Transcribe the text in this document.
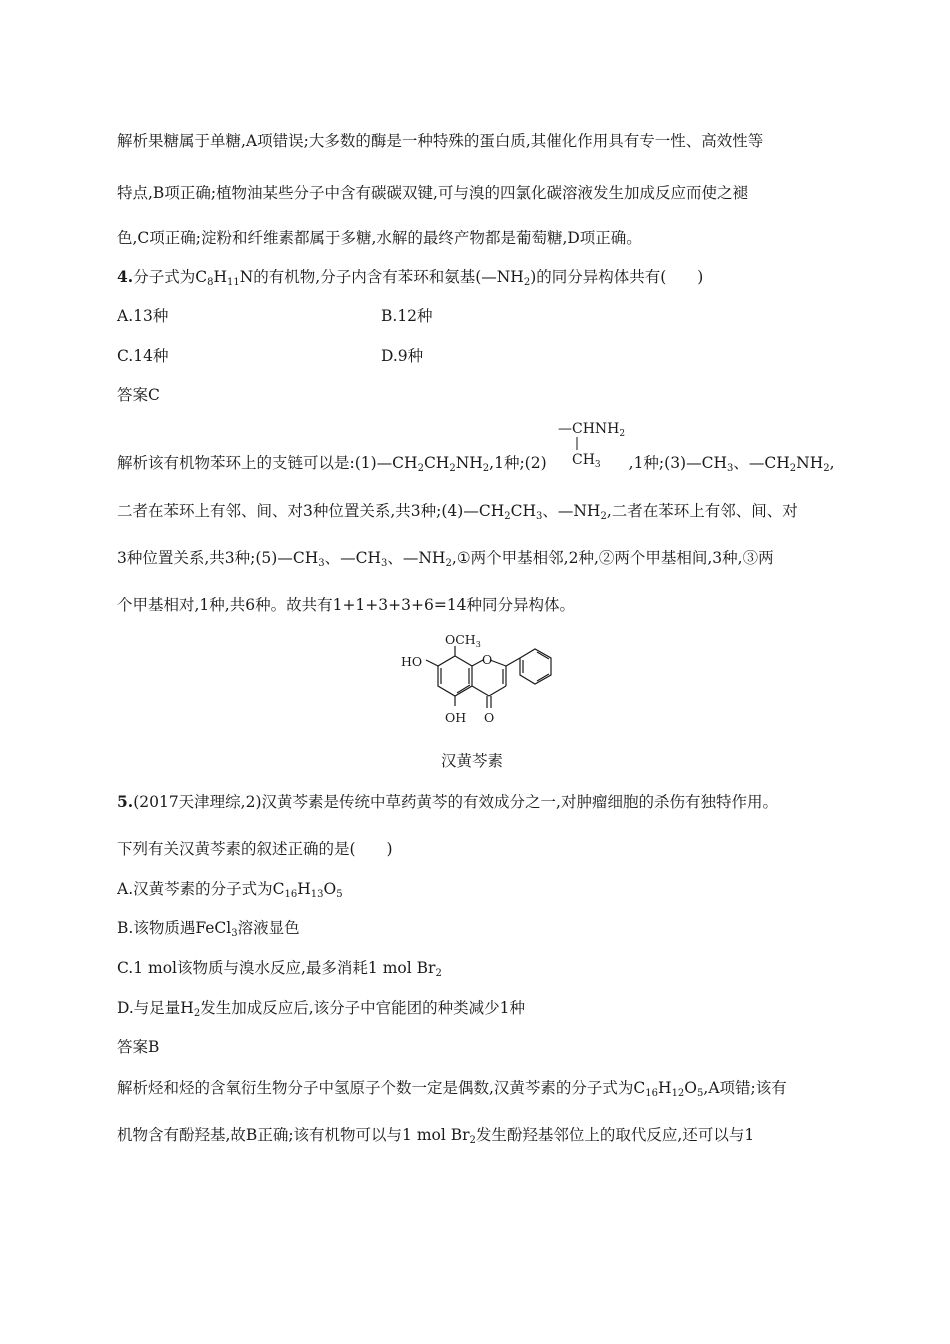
解析果糖属于单糖,A项错误;大多数的酶是一种特殊的蛋白质,其催化作用具有专一性、高效性等
特点,B项正确;植物油某些分子中含有碳碳双键,可与溴的四氯化碳溶液发生加成反应而使之褪
色,C项正确;淀粉和纤维素都属于多糖,水解的最终产物都是葡萄糖,D项正确。
4.分子式为$C_8H_{11}N$的有机物,分子内含有苯环和氨基$(—NH_2)$的同分异构体共有(　　)
A.13种	B.12种
C.14种	D.9种
答案C
$—CHNH_2$
$CH_3$
解析该有机物苯环上的支链可以是$:(1)—CH_2CH_2NH_2,1$种;(2)	,1种$;(3)—CH_3$、$—CH_2NH_2$,
二者在苯环上有邻、间、对3种位置关系,共3种$;(4)—CH_2CH_3$、$—NH_2$,二者在苯环上有邻、间、对
3种位置关系,共3种$;(5)—CH_3$、$—CH_3$、$—NH_2,①$两个甲基相邻,2种,②两个甲基相间,3种,③两
个甲基相对,1种,共6种。故共有1+1+3+3+6=14种同分异构体。
$OCH_3$
HO
OH
O
O
汉黄芩素
5.(2017天津理综,2)汉黄芩素是传统中草药黄芩的有效成分之一,对肿瘤细胞的杀伤有独特作用。
下列有关汉黄芩素的叙述正确的是(　　)
A.汉黄芩素的分子式为$C_{16}H_{13}O_5$
B.该物质遇FeCl$_3$溶液显色
C.1 mol该物质与溴水反应,最多消耗1 mol $Br_2$
D.与足量$H_2$发生加成反应后,该分子中官能团的种类减少1种
答案B
解析烃和烃的含氧衍生物分子中氢原子个数一定是偶数,汉黄芩素的分子式为$C_{16}H_{12}O_5,A$项错;该有
机物含有酚羟基,故B正确;该有机物可以与1 mol $Br_2$发生酚羟基邻位上的取代反应,还可以与1
